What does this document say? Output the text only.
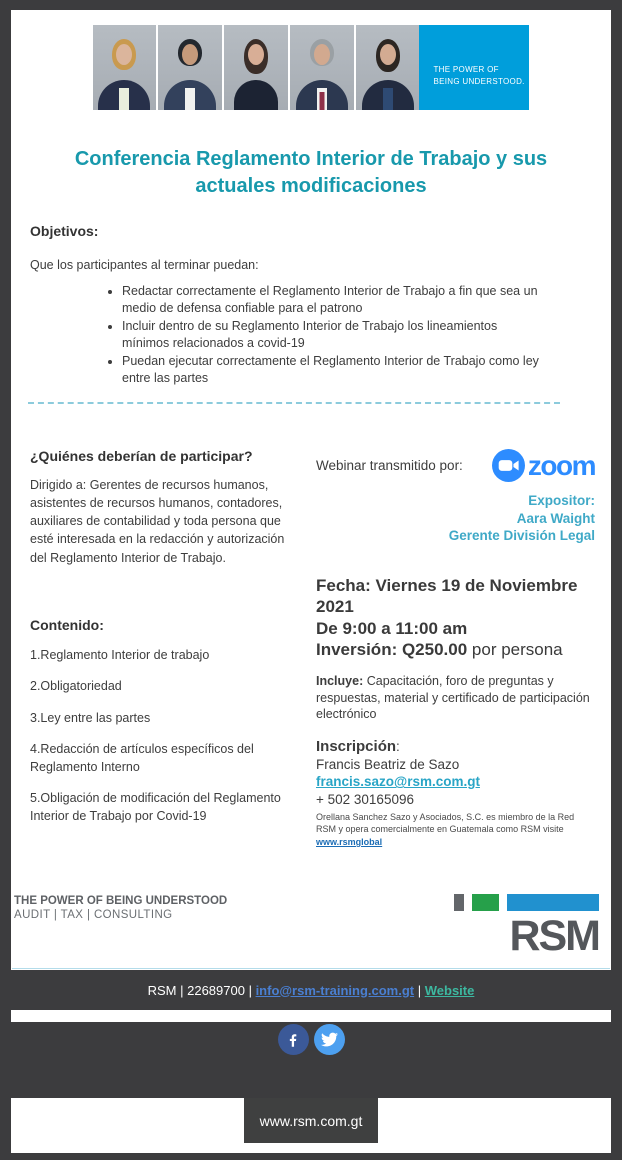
THE POWER OF
BEING UNDERSTOOD.
Conferencia Reglamento Interior de Trabajo y sus actuales modificaciones
Objetivos:
Que los participantes al terminar puedan:
• Redactar correctamente el Reglamento Interior de Trabajo a fin que sea un medio de defensa confiable para el patrono
• Incluir dentro de su Reglamento Interior de Trabajo los lineamientos mínimos relacionados a covid-19
• Puedan ejecutar correctamente el Reglamento Interior de Trabajo como ley entre las partes
¿Quiénes deberían de participar?
Dirigido a: Gerentes de recursos humanos, asistentes de recursos humanos, contadores, auxiliares de contabilidad y toda persona que esté interesada en la redacción y autorización del Reglamento Interior de Trabajo.
Contenido:
1.Reglamento Interior de trabajo
2.Obligatoriedad
3.Ley entre las partes
4.Redacción de artículos específicos del Reglamento Interno
5.Obligación de modificación del Reglamento Interior de Trabajo por Covid-19
Webinar transmitido por: zoom
Expositor:
Aara Waight
Gerente División Legal
Fecha: Viernes 19 de Noviembre 2021
De 9:00 a 11:00 am
Inversión: Q250.00 por persona
Incluye: Capacitación, foro de preguntas y respuestas, material y certificado de participación electrónico
Inscripción:
Francis Beatriz de Sazo
francis.sazo@rsm.com.gt
+ 502 30165096
Orellana Sanchez Sazo y Asociados, S.C. es miembro de la Red RSM y opera comercialmente en Guatemala como RSM visite www.rsmglobal
THE POWER OF BEING UNDERSTOOD
AUDIT | TAX | CONSULTING	RSM
RSM | 22689700 | info@rsm-training.com.gt | Website
www.rsm.com.gt
